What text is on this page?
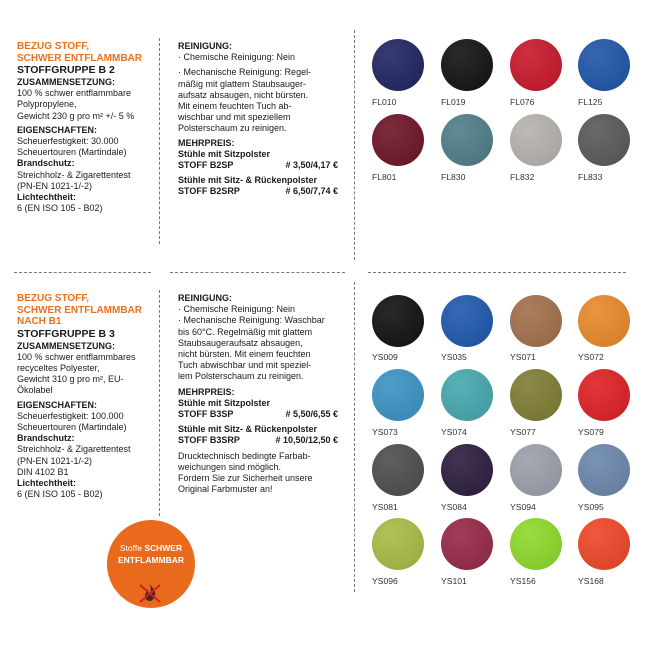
BEZUG STOFF,
SCHWER ENTFLAMMBAR
STOFFGRUPPE B 2
ZUSAMMENSETZUNG:
100 % schwer entflammbare
Polypropylene,
Gewicht 230 g pro m² +/- 5 %
EIGENSCHAFTEN:
Scheuerfestigkeit: 30.000
Scheuertouren (Martindale)
Brandschutz:
Streichholz- & Zigarettentest
(PN-EN 1021-1/-2)
Lichtechtheit:
6 (EN ISO 105 - B02)
REINIGUNG:
· Chemische Reinigung: Nein
· Mechanische Reinigung: Regel-
mäßig mit glattem Staubsauger-
aufsatz absaugen, nicht bürsten.
Mit einem feuchten Tuch ab-
wischbar und mit speziellem
Polsterschaum zu reinigen.
MEHRPREIS:
Stühle mit Sitzpolster
STOFF B2SP	# 3,50/4,17 €
Stühle mit Sitz- & Rückenpolster
STOFF B2SRP	# 6,50/7,74 €
FL010	FL019	FL076	FL125
FL801	FL830	FL832	FL833
BEZUG STOFF,
SCHWER ENTFLAMMBAR
NACH B1
STOFFGRUPPE B 3
ZUSAMMENSETZUNG:
100 % schwer entflammbares
recyceltes Polyester,
Gewicht 310 g pro m², EU-
Ökolabel
EIGENSCHAFTEN:
Scheuerfestigkeit: 100.000
Scheuertouren (Martindale)
Brandschutz:
Streichholz- & Zigarettentest
(PN-EN 1021-1/-2)
DIN 4102 B1
Lichtechtheit:
6 (EN ISO 105 - B02)
REINIGUNG:
· Chemische Reinigung: Nein
· Mechanische Reinigung: Waschbar
bis 60°C. Regelmäßig mit glattem
Staubsaugeraufsatz absaugen,
nicht bürsten. Mit einem feuchten
Tuch abwischbar und mit speziel-
lem Polsterschaum zu reinigen.
MEHRPREIS:
Stühle mit Sitzpolster
STOFF B3SP	# 5,50/6,55 €
Stühle mit Sitz- & Rückenpolster
STOFF B3SRP	# 10,50/12,50 €
Drucktechnisch bedingte Farbab-
weichungen sind möglich.
Fordern Sie zur Sicherheit unsere
Original Farbmuster an!
YS009	YS035	YS071	YS072
YS073	YS074	YS077	YS079
YS081	YS084	YS094	YS095
YS096	YS101	YS156	YS168
Stoffe SCHWER
ENTFLAMMBAR
